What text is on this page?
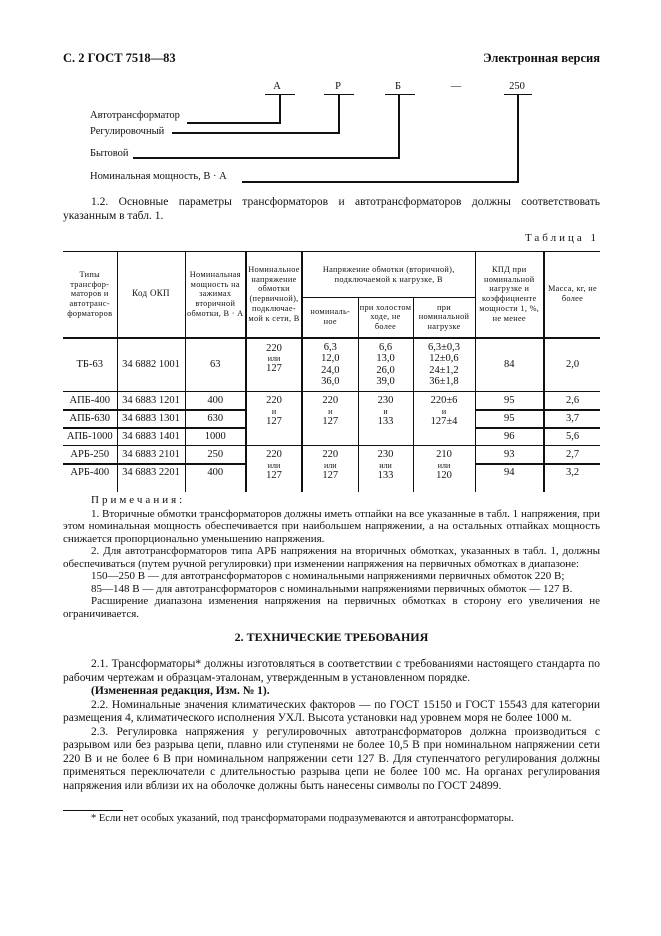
С. 2 ГОСТ 7518—83	Электронная версия
А	Р	Б	—	250
Автотрансформатор
Регулировочный
Бытовой
Номинальная мощность, В · А
1.2. Основные параметры трансформаторов и автотрансформаторов должны соответствовать указанным в табл. 1.
Таблица 1
Типы трансфор-маторов и автотранс-форматоров	Код ОКП	Номинальная мощность на зажимах вторичной обмотки, В · А	Номинальное напряжение обмотки (первичной), подключае-мой к сети, В	Напряжение обмотки (вторичной), подключаемой к нагрузке, В			КПД при номинальной нагрузке и коэффициенте мощности 1, %, не менее	Масса, кг, не более
				номиналь-ное	при холостом ходе, не более	при номинальной нагрузке		
ТБ-63	34 6882 1001	63	220
или
127	6,3
12,0
24,0
36,0	6,6
13,0
26,0
39,0	6,3±0,3
12±0,6
24±1,2
36±1,8	84	2,0
АПБ-400	34 6883 1201	400	220
и
127	220
и
127	230
и
133	220±6
и
127±4	95	2,6
АПБ-630	34 6883 1301	630					95	3,7
АПБ-1000	34 6883 1401	1000					96	5,6
АРБ-250	34 6883 2101	250	220
или
127	220
или
127	230
или
133	210
или
120	93	2,7
АРБ-400	34 6883 2201	400					94	3,2
Примечания:
1. Вторичные обмотки трансформаторов должны иметь отпайки на все указанные в табл. 1 напряжения, при этом номинальная мощность обеспечивается при наибольшем напряжении, а на остальных отпайках мощность снижается пропорционально уменьшению напряжения.
2. Для автотрансформаторов типа АРБ напряжения на вторичных обмотках, указанных в табл. 1, должны обеспечиваться (путем ручной регулировки) при изменении напряжения на первичных обмотках в диапазоне:
150—250 В — для автотрансформаторов с номинальными напряжениями первичных обмоток 220 В;
85—148 В — для автотрансформаторов с номинальными напряжениями первичных обмоток — 127 В.
Расширение диапазона изменения напряжения на первичных обмотках в сторону его увеличения не ограничивается.
2. ТЕХНИЧЕСКИЕ ТРЕБОВАНИЯ
2.1. Трансформаторы* должны изготовляться в соответствии с требованиями настоящего стандарта по рабочим чертежам и образцам-эталонам, утвержденным в установленном порядке.
(Измененная редакция, Изм. № 1).
2.2. Номинальные значения климатических факторов — по ГОСТ 15150 и ГОСТ 15543 для категории размещения 4, климатического исполнения УХЛ. Высота установки над уровнем моря не более 1000 м.
2.3. Регулировка напряжения у регулировочных автотрансформаторов должна производиться с разрывом или без разрыва цепи, плавно или ступенями не более 10,5 В при номинальном напряжении сети 220 В и не более 6 В при номинальном напряжении сети 127 В. Для ступенчатого регулирования должны применяться переключатели с длительностью разрыва цепи не более 100 мс. На органах регулирования напряжения или вблизи их на оболочке должны быть нанесены символы по ГОСТ 24899.
* Если нет особых указаний, под трансформаторами подразумеваются и автотрансформаторы.
